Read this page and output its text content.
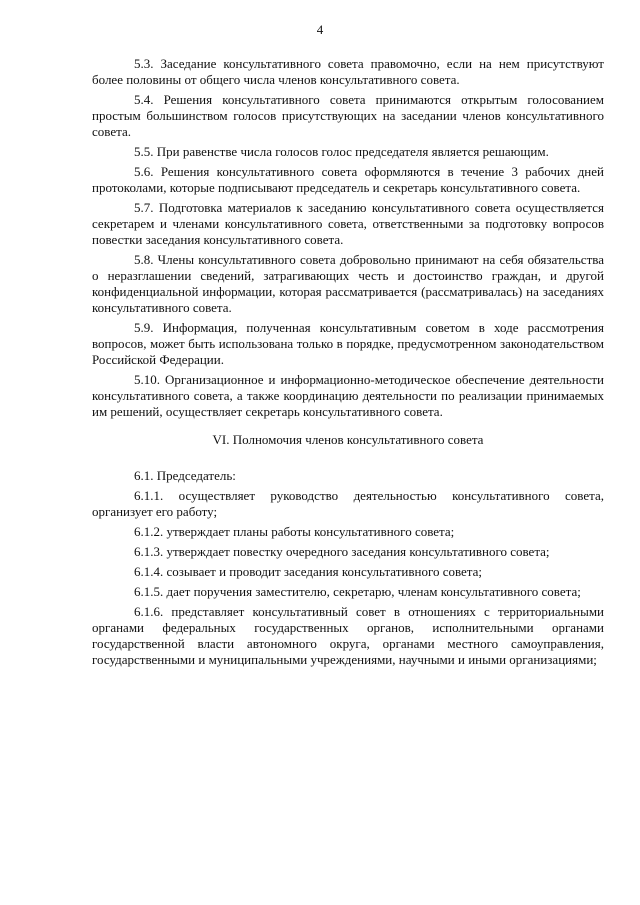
4

5.3. Заседание консультативного совета правомочно, если на нем присутствуют более половины от общего числа членов консультативного совета.

5.4. Решения консультативного совета принимаются открытым голосованием простым большинством голосов присутствующих на заседании членов консультативного совета.

5.5. При равенстве числа голосов голос председателя является решающим.

5.6. Решения консультативного совета оформляются в течение 3 рабочих дней протоколами, которые подписывают председатель и секретарь консультативного совета.

5.7. Подготовка материалов к заседанию консультативного совета осуществляется секретарем и членами консультативного совета, ответственными за подготовку вопросов повестки заседания консультативного совета.

5.8. Члены консультативного совета добровольно принимают на себя обязательства о неразглашении сведений, затрагивающих честь и достоинство граждан, и другой конфиденциальной информации, которая рассматривается (рассматривалась) на заседаниях консультативного совета.

5.9. Информация, полученная консультативным советом в ходе рассмотрения вопросов, может быть использована только в порядке, предусмотренном законодательством Российской Федерации.

5.10. Организационное и информационно-методическое обеспечение деятельности консультативного совета, а также координацию деятельности по реализации принимаемых им решений, осуществляет секретарь консультативного совета.

VI. Полномочия членов консультативного совета

6.1. Председатель:

6.1.1. осуществляет руководство деятельностью консультативного совета, организует его работу;

6.1.2. утверждает планы работы консультативного совета;

6.1.3. утверждает повестку очередного заседания консультативного совета;

6.1.4. созывает и проводит заседания консультативного совета;

6.1.5. дает поручения заместителю, секретарю, членам консультативного совета;

6.1.6. представляет консультативный совет в отношениях с территориальными органами федеральных государственных органов, исполнительными органами государственной власти автономного округа, органами местного самоуправления, государственными и муниципальными учреждениями, научными и иными организациями;
